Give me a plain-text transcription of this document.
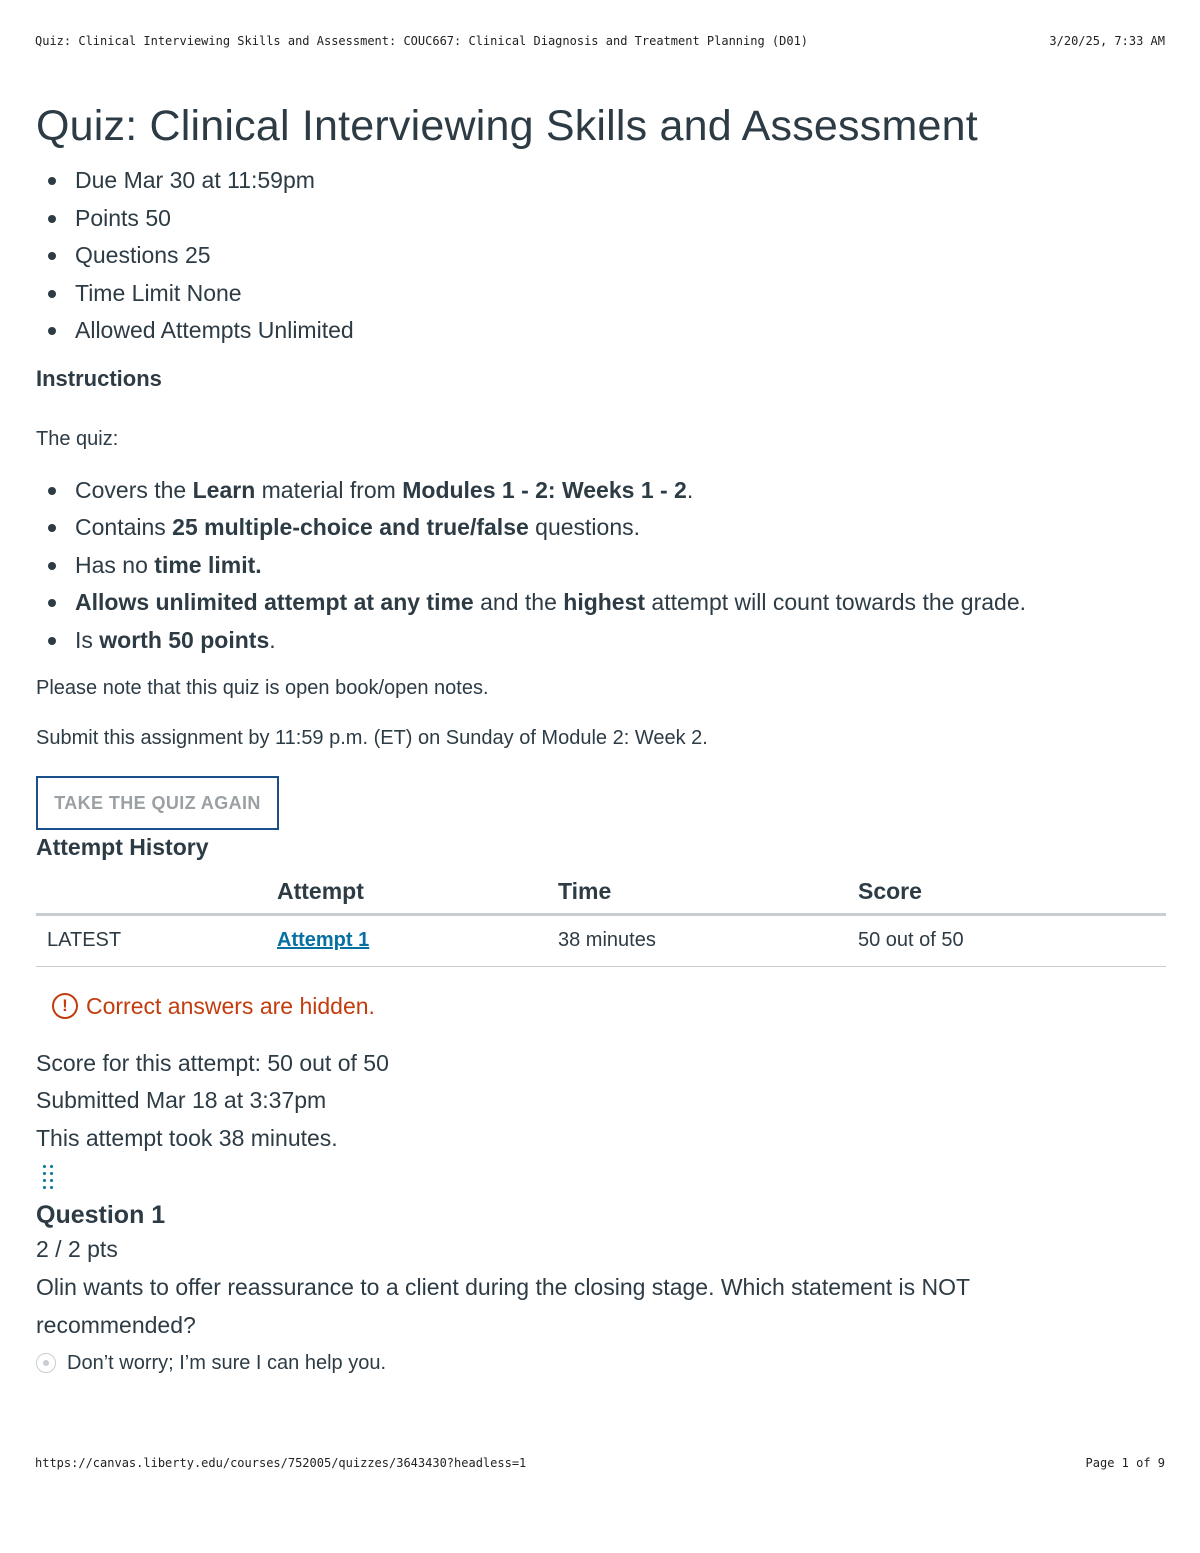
Quiz: Clinical Interviewing Skills and Assessment: COUC667: Clinical Diagnosis and Treatment Planning (D01)	3/20/25, 7:33 AM
Quiz: Clinical Interviewing Skills and Assessment
Due Mar 30 at 11:59pm
Points 50
Questions 25
Time Limit None
Allowed Attempts Unlimited
Instructions

The quiz:

Covers the Learn material from Modules 1 - 2: Weeks 1 - 2.
Contains 25 multiple-choice and true/false questions.
Has no time limit.
Allows unlimited attempt at any time and the highest attempt will count towards the grade.
Is worth 50 points.

Please note that this quiz is open book/open notes.

Submit this assignment by 11:59 p.m. (ET) on Sunday of Module 2: Week 2.

TAKE THE QUIZ AGAIN
Attempt History
	Attempt	Time	Score
LATEST	Attempt 1	38 minutes	50 out of 50
! Correct answers are hidden.
Score for this attempt: 50 out of 50
Submitted Mar 18 at 3:37pm
This attempt took 38 minutes.
Question 1
2 / 2 pts
Olin wants to offer reassurance to a client during the closing stage. Which statement is NOT recommended?
Don’t worry; I’m sure I can help you.
https://canvas.liberty.edu/courses/752005/quizzes/3643430?headless=1	Page 1 of 9
